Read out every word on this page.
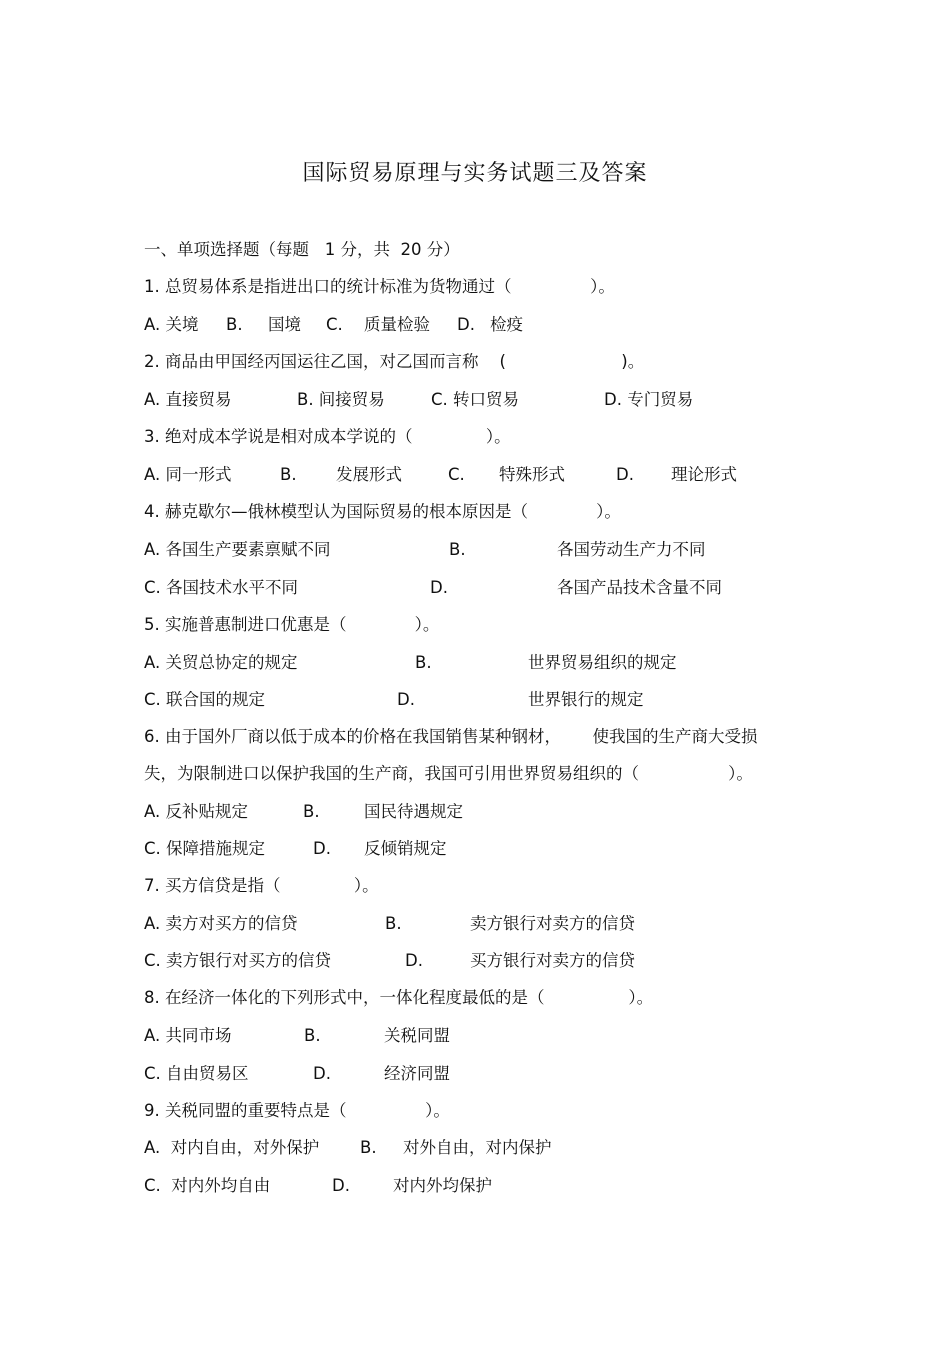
国际贸易原理与实务试题三及答案
一、单项选择题（每题   1 分，共  20 分）
1. 总贸易体系是指进出口的统计标准为货物通过（               ）。
A. 关境 B. 国境 C. 质量检验 D. 检疫
2. 商品由甲国经丙国运往乙国，对乙国而言称    (                      )。
A. 直接贸易	B. 间接贸易	C. 转口贸易	D. 专门贸易
3. 绝对成本学说是相对成本学说的（              ）。
A. 同一形式	B. 发展形式	C. 特殊形式	D. 理论形式
4. 赫克歇尔—俄林模型认为国际贸易的根本原因是（             ）。
A. 各国生产要素禀赋不同	B.	各国劳动生产力不同
C. 各国技术水平不同	D.	各国产品技术含量不同
5. 实施普惠制进口优惠是（             ）。
A. 关贸总协定的规定	B.	世界贸易组织的规定
C. 联合国的规定	D.	世界银行的规定
6. 由于国外厂商以低于成本的价格在我国销售某种钢材，      使我国的生产商大受损
失，为限制进口以保护我国的生产商，我国可引用世界贸易组织的（                 ）。
A. 反补贴规定	B.	国民待遇规定
C. 保障措施规定	D. 反倾销规定
7. 买方信贷是指（              ）。
A. 卖方对买方的信贷	B.	卖方银行对卖方的信贷
C. 卖方银行对买方的信贷	D.	买方银行对卖方的信贷
8. 在经济一体化的下列形式中，一体化程度最低的是（                ）。
A. 共同市场	B.	关税同盟
C. 自由贸易区	D.	经济同盟
9. 关税同盟的重要特点是（               ）。
A.  对内自由，对外保护 B. 对外自由，对内保护
C.  对内外均自由	D.	对内外均保护
